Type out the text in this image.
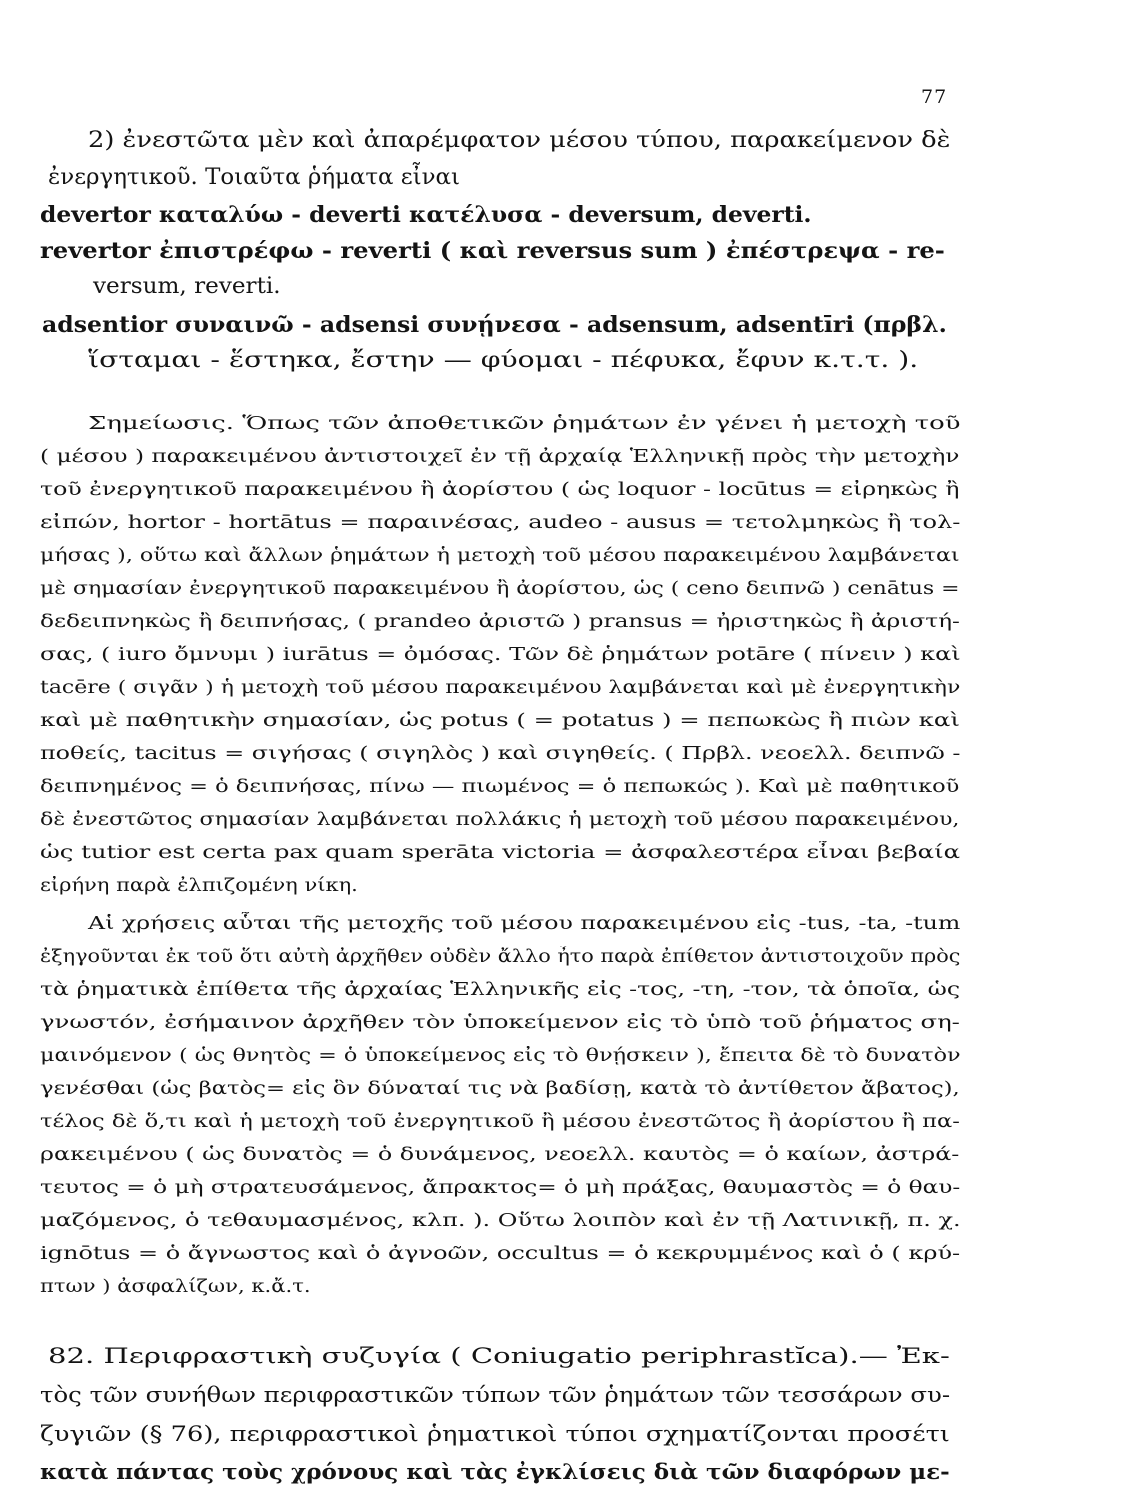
77
2) ἐνεστῶτα μὲν καὶ ἀπαρέμφατον μέσου τύπου, παρακείμενον δὲ
ἐνεργητικοῦ. Τοιαῦτα ῥήματα εἶναι
devertor καταλύω - deverti κατέλυσα - deversum, deverti.
revertor ἐπιστρέφω - reverti ( καὶ reversus sum ) ἐπέστρεψα - re-
versum, reverti.
adsentior συναινῶ - adsensi συνῄνεσα - adsensum, adsentīri (πρβλ.
ἵσταμαι - ἕστηκα, ἔστην — φύομαι - πέφυκα, ἔφυν κ.τ.τ. ).
Σημείωσις. Ὅπως τῶν ἀποθετικῶν ῥημάτων ἐν γένει ἡ μετοχὴ τοῦ
( μέσου ) παρακειμένου ἀντιστοιχεῖ ἐν τῇ ἀρχαίᾳ Ἑλληνικῇ πρὸς τὴν μετοχὴν
τοῦ ἐνεργητικοῦ παρακειμένου ἢ ἀορίστου ( ὡς loquor - locūtus = εἰρηκὼς ἢ
εἰπών, hortor - hortātus = παραινέσας, audeo - ausus = τετολμηκὼς ἢ τολ-
μήσας ), οὕτω καὶ ἄλλων ῥημάτων ἡ μετοχὴ τοῦ μέσου παρακειμένου λαμβάνεται
μὲ σημασίαν ἐνεργητικοῦ παρακειμένου ἢ ἀορίστου, ὡς ( ceno δειπνῶ ) cenātus =
δεδειπνηκὼς ἢ δειπνήσας, ( prandeo ἀριστῶ ) pransus = ἠριστηκὼς ἢ ἀριστή-
σας, ( iuro ὄμνυμι ) iurātus = ὀμόσας. Τῶν δὲ ῥημάτων potāre ( πίνειν ) καὶ
tacēre ( σιγᾶν ) ἡ μετοχὴ τοῦ μέσου παρακειμένου λαμβάνεται καὶ μὲ ἐνεργητικὴν
καὶ μὲ παθητικὴν σημασίαν, ὡς potus ( = potatus ) = πεπωκὼς ἢ πιὼν καὶ
ποθείς, tacitus = σιγήσας ( σιγηλὸς ) καὶ σιγηθείς. ( Πρβλ. νεοελλ. δειπνῶ -
δειπνημένος = ὁ δειπνήσας, πίνω — πιωμένος = ὁ πεπωκώς ). Καὶ μὲ παθητικοῦ
δὲ ἐνεστῶτος σημασίαν λαμβάνεται πολλάκις ἡ μετοχὴ τοῦ μέσου παρακειμένου,
ὡς tutior est certa pax quam sperāta victoria = ἀσφαλεστέρα εἶναι βεβαία
εἰρήνη παρὰ ἐλπιζομένη νίκη.
Αἱ χρήσεις αὗται τῆς μετοχῆς τοῦ μέσου παρακειμένου εἰς -tus, -ta, -tum
ἐξηγοῦνται ἐκ τοῦ ὅτι αὐτὴ ἀρχῆθεν οὐδὲν ἄλλο ἦτο παρὰ ἐπίθετον ἀντιστοιχοῦν πρὸς
τὰ ῥηματικὰ ἐπίθετα τῆς ἀρχαίας Ἑλληνικῆς εἰς -τος, -τη, -τον, τὰ ὁποῖα, ὡς
γνωστόν, ἐσήμαινον ἀρχῆθεν τὸν ὑποκείμενον εἰς τὸ ὑπὸ τοῦ ῥήματος ση-
μαινόμενον ( ὡς θνητὸς = ὁ ὑποκείμενος εἰς τὸ θνῄσκειν ), ἔπειτα δὲ τὸ δυνατὸν
γενέσθαι (ὡς βατὸς= εἰς ὃν δύναταί τις νὰ βαδίσῃ, κατὰ τὸ ἀντίθετον ἄβατος),
τέλος δὲ ὅ,τι καὶ ἡ μετοχὴ τοῦ ἐνεργητικοῦ ἢ μέσου ἐνεστῶτος ἢ ἀορίστου ἢ πα-
ρακειμένου ( ὡς δυνατὸς = ὁ δυνάμενος, νεοελλ. καυτὸς = ὁ καίων, ἀστρά-
τευτος = ὁ μὴ στρατευσάμενος, ἄπρακτος= ὁ μὴ πράξας, θαυμαστὸς = ὁ θαυ-
μαζόμενος, ὁ τεθαυμασμένος, κλπ. ). Οὕτω λοιπὸν καὶ ἐν τῇ Λατινικῇ, π. χ.
ignōtus = ὁ ἄγνωστος καὶ ὁ ἀγνοῶν, occultus = ὁ κεκρυμμένος καὶ ὁ ( κρύ-
πτων ) ἀσφαλίζων, κ.ἄ.τ.
82. Περιφραστικὴ συζυγία ( Coniugatio periphrastĭca).— Ἐκ-
τὸς τῶν συνήθων περιφραστικῶν τύπων τῶν ῥημάτων τῶν τεσσάρων συ-
ζυγιῶν (§ 76), περιφραστικοὶ ῥηματικοὶ τύποι σχηματίζονται προσέτι
κατὰ πάντας τοὺς χρόνους καὶ τὰς ἐγκλίσεις διὰ τῶν διαφόρων με-
